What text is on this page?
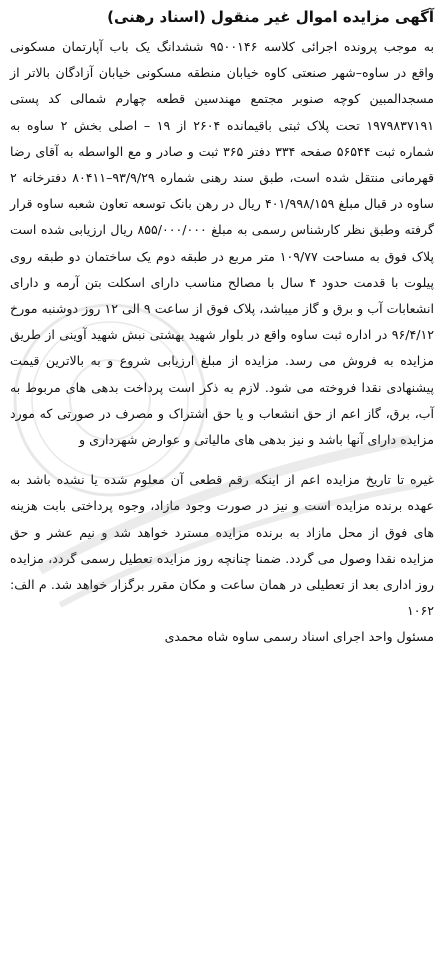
آگهی مزایده اموال غیر منقول (اسناد رهنی)

به موجب پرونده اجرائی کلاسه ۹۵۰۰۱۴۶ ششدانگ یک باب آپارتمان مسکونی واقع در ساوه–شهر صنعتی کاوه خیابان منطقه مسکونی خیابان آزادگان بالاتر از مسجدالمبین کوچه صنوبر مجتمع مهندسین قطعه چهارم شمالی کد پستی ۱۹۷۹۸۳۷۱۹۱ تحت پلاک ثبتی باقیمانده ۲۶۰۴ از ۱۹ – اصلی بخش ۲ ساوه به شماره ثبت ۵۶۵۴۴ صفحه ۳۳۴ دفتر ۳۶۵ ثبت و صادر و مع الواسطه به آقای رضا قهرمانی منتقل شده است، طبق سند رهنی شماره ۹۳/۹/۲۹–۸۰۴۱۱ دفترخانه ۲ ساوه در قبال مبلغ ۴۰۱/۹۹۸/۱۵۹ ریال در رهن بانک توسعه تعاون شعبه ساوه قرار گرفته وطبق نظر کارشناس رسمی به مبلغ ۸۵۵/۰۰۰/۰۰۰ ریال ارزیابی شده است پلاک فوق به مساحت ۱۰۹/۷۷ متر مربع در طبقه دوم یک ساختمان دو طبقه روی پیلوت با قدمت حدود ۴ سال با مصالح مناسب دارای اسکلت بتن آرمه و دارای انشعابات آب و برق و گاز میباشد، پلاک فوق از ساعت ۹ الی ۱۲ روز دوشنبه مورخ ۹۶/۴/۱۲ در اداره ثبت ساوه واقع در بلوار شهید بهشتی نبش شهید آوینی از طریق مزایده به فروش می رسد. مزایده از مبلغ ارزیابی شروع و به بالاترین قیمت پیشنهادی نقدا فروخته می شود. لازم به ذکر است پرداخت بدهی های مربوط به آب، برق، گاز اعم از حق انشعاب و یا حق اشتراک و مصرف در صورتی که مورد مزایده دارای آنها باشد و نیز بدهی های مالیاتی و عوارض شهرداری و

غیره تا تاریخ مزایده اعم از اینکه رقم قطعی آن معلوم شده یا نشده باشد به عهده برنده مزایده است و نیز در صورت وجود مازاد، وجوه پرداختی بابت هزینه های فوق از محل مازاد به برنده مزایده مسترد خواهد شد و نیم عشر و حق مزایده نقدا وصول می گردد. ضمنا چنانچه روز مزایده تعطیل رسمی گردد، مزایده روز اداری بعد از تعطیلی در همان ساعت و مکان مقرر برگزار خواهد شد. م الف: ۱۰۶۲

مسئول واحد اجرای اسناد رسمی ساوه شاه محمدی
